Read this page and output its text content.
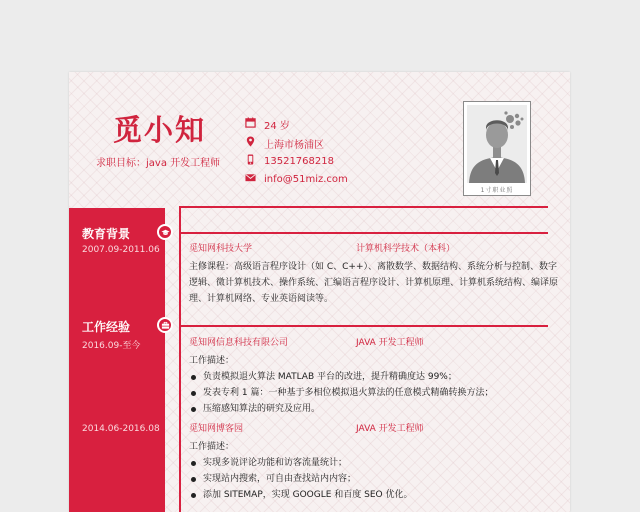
觅小知
求职目标：java 开发工程师
24 岁
上海市杨浦区
13521768218
info@51miz.com
1寸职业照
教育背景
2007.09-2011.06	觅知网科技大学	计算机科学技术（本科）
主修课程：高级语言程序设计（如 C、C++）、离散数学、数据结构、系统分析与控制、数字逻辑、微计算机技术、操作系统、汇编语言程序设计、计算机原理、计算机系统结构、编译原理、计算机网络、专业英语阅读等。
工作经验
2016.09-至今	觅知网信息科技有限公司	JAVA 开发工程师
工作描述：
负责模拟退火算法 MATLAB 平台的改进，提升精确度达 99%；
发表专利 1 篇：一种基于多相位模拟退火算法的任意模式精确转换方法；
压缩感知算法的研究及应用。
2014.06-2016.08	觅知网博客园	JAVA 开发工程师
工作描述：
实现多说评论功能和访客流量统计；
实现站内搜索，可自由查找站内内容；
添加 SITEMAP，实现 GOOGLE 和百度 SEO 优化。
